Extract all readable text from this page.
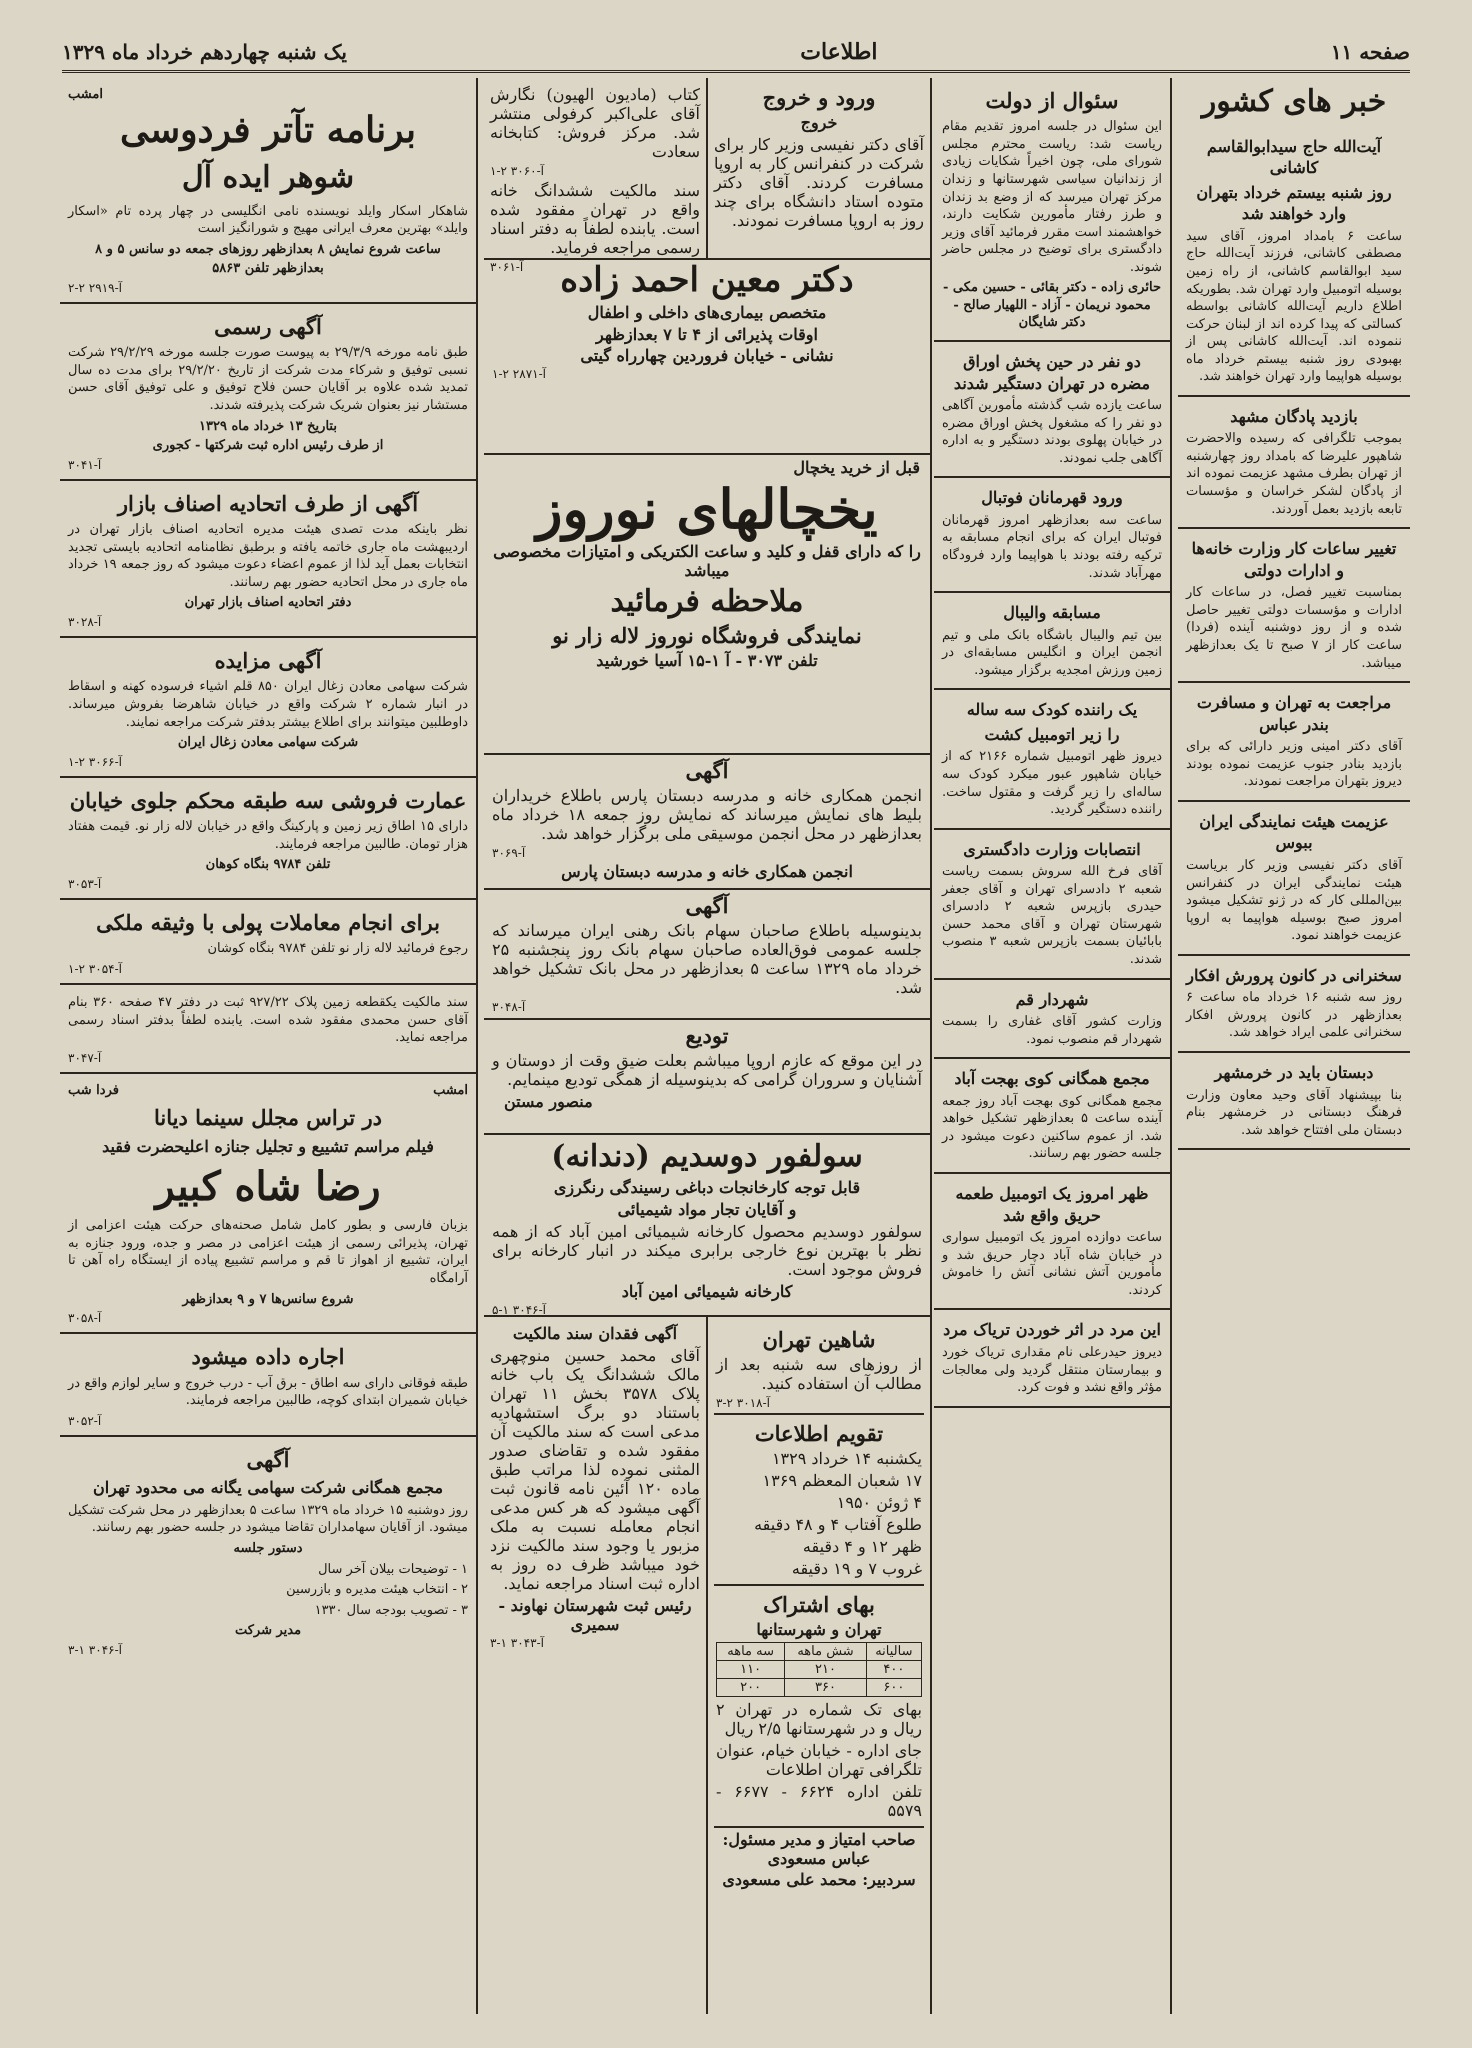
صفحه ۱۱
اطلاعات
یک شنبه چهاردهم خرداد ماه ۱۳۲۹
خبر های کشور
آیت‌الله حاج سیدابوالقاسم کاشانی
روز شنبه بیستم خرداد بتهران وارد خواهند شد
ساعت ۶ بامداد امروز، آقای سید مصطفی کاشانی، فرزند آیت‌الله حاج سید ابوالقاسم کاشانی، از راه زمین بوسیله اتومبیل وارد تهران شد. بطوریکه اطلاع داریم آیت‌الله کاشانی بواسطه کسالتی که پیدا کرده اند از لبنان حرکت ننموده اند. آیت‌الله کاشانی پس از بهبودی روز شنبه بیستم خرداد ماه بوسیله هواپیما وارد تهران خواهند شد.
بازدید پادگان مشهد
بموجب تلگرافی که رسیده والاحضرت شاهپور علیرضا که بامداد روز چهارشنبه از تهران بطرف مشهد عزیمت نموده اند از پادگان لشکر خراسان و مؤسسات تابعه بازدید بعمل آوردند.
تغییر ساعات کار وزارت خانه‌ها و ادارات دولتی
بمناسبت تغییر فصل، در ساعات کار ادارات و مؤسسات دولتی تغییر حاصل شده و از روز دوشنبه آینده (فردا) ساعت کار از ۷ صبح تا یک بعدازظهر میباشد.
مراجعت به تهران و مسافرت بندر عباس
آقای دکتر امینی وزیر دارائی که برای بازدید بنادر جنوب عزیمت نموده بودند دیروز بتهران مراجعت نمودند.
عزیمت هیئت نمایندگی ایران ببوس
آقای دکتر نفیسی وزیر کار بریاست هیئت نمایندگی ایران در کنفرانس بین‌المللی کار که در ژنو تشکیل میشود امروز صبح بوسیله هواپیما به اروپا عزیمت خواهند نمود.
سخنرانی در کانون پرورش افکار
روز سه شنبه ۱۶ خرداد ماه ساعت ۶ بعدازظهر در کانون پرورش افکار سخنرانی علمی ایراد خواهد شد.
دبستان باید در خرمشهر
بنا بپیشنهاد آقای وحید معاون وزارت فرهنگ دبستانی در خرمشهر بنام دبستان ملی افتتاح خواهد شد.
سئوال از دولت
این سئوال در جلسه امروز تقدیم مقام ریاست شد: ریاست محترم مجلس شورای ملی، چون اخیراً شکایات زیادی از زندانیان سیاسی شهرستانها و زندان مرکز تهران میرسد که از وضع بد زندان و طرز رفتار مأمورین شکایت دارند، خواهشمند است مقرر فرمائید آقای وزیر دادگستری برای توضیح در مجلس حاضر شوند.
حائری زاده - دکتر بقائی - حسین مکی - محمود نریمان - آزاد - اللهیار صالح - دکتر شایگان
دو نفر در حین پخش اوراق مضره در تهران دستگیر شدند
ساعت یازده شب گذشته مأمورین آگاهی دو نفر را که مشغول پخش اوراق مضره در خیابان پهلوی بودند دستگیر و به اداره آگاهی جلب نمودند.
ورود قهرمانان فوتبال
ساعت سه بعدازظهر امروز قهرمانان فوتبال ایران که برای انجام مسابقه به ترکیه رفته بودند با هواپیما وارد فرودگاه مهرآباد شدند.
مسابقه والیبال
بین تیم والیبال باشگاه بانک ملی و تیم انجمن ایران و انگلیس مسابقه‌ای در زمین ورزش امجدیه برگزار میشود.
یک راننده کودک سه ساله
را زیر اتومبیل کشت
دیروز ظهر اتومبیل شماره ۲۱۶۶ که از خیابان شاهپور عبور میکرد کودک سه ساله‌ای را زیر گرفت و مقتول ساخت. راننده دستگیر گردید.
انتصابات وزارت دادگستری
آقای فرخ الله سروش بسمت ریاست شعبه ۲ دادسرای تهران و آقای جعفر حیدری بازپرس شعبه ۲ دادسرای شهرستان تهران و آقای محمد حسن بابائیان بسمت بازپرس شعبه ۳ منصوب شدند.
شهردار قم
وزارت کشور آقای غفاری را بسمت شهردار قم منصوب نمود.
مجمع همگانی کوی بهجت آباد
مجمع همگانی کوی بهجت آباد روز جمعه آینده ساعت ۵ بعدازظهر تشکیل خواهد شد. از عموم ساکنین دعوت میشود در جلسه حضور بهم رسانند.
ظهر امروز یک اتومبیل طعمه حریق واقع شد
ساعت دوازده امروز یک اتومبیل سواری در خیابان شاه آباد دچار حریق شد و مأمورین آتش نشانی آتش را خاموش کردند.
این مرد در اثر خوردن تریاک مرد
دیروز حیدرعلی نام مقداری تریاک خورد و بیمارستان منتقل گردید ولی معالجات مؤثر واقع نشد و فوت کرد.
ورود و خروج
خروج
آقای دکتر نفیسی وزیر کار برای شرکت در کنفرانس کار به اروپا مسافرت کردند. آقای دکتر متوده استاد دانشگاه برای چند روز به اروپا مسافرت نمودند.
کتاب (مادیون الهیون) نگارش آقای علی‌اکبر کرفولی منتشر شد. مرکز فروش: کتابخانه سعادت
آ-۳۰۶۰ ۲-۱
سند مالکیت ششدانگ خانه واقع در تهران مفقود شده است. یابنده لطفاً به دفتر اسناد رسمی مراجعه فرماید.
آ-۳۰۶۱	دکتر معین احمد زاده
متخصص بیماری‌های داخلی و اطفال
اوقات پذیرائی از ۴ تا ۷ بعدازظهر
نشانی - خیابان فروردین چهارراه گیتی
آ-۲۸۷۱ ۲-۱
قبل از خرید یخچال
یخچالهای نوروز
را که دارای قفل و کلید و ساعت الکتریکی و امتیازات مخصوصی میباشد
ملاحظه فرمائید
نمایندگی فروشگاه نوروز لاله زار نو
تلفن ۳۰۷۳ - آ ۱-۱۵ آسیا خورشید
آگهی
انجمن همکاری خانه و مدرسه دبستان پارس باطلاع خریداران بلیط های نمایش میرساند که نمایش روز جمعه ۱۸ خرداد ماه بعدازظهر در محل انجمن موسیقی ملی برگزار خواهد شد.
آ-۳۰۶۹
انجمن همکاری خانه و مدرسه دبستان پارس
آگهی
بدینوسیله باطلاع صاحبان سهام بانک رهنی ایران میرساند که جلسه عمومی فوق‌العاده صاحبان سهام بانک روز پنجشنبه ۲۵ خرداد ماه ۱۳۲۹ ساعت ۵ بعدازظهر در محل بانک تشکیل خواهد شد.
آ-۳۰۴۸
تودیع
در این موقع که عازم اروپا میباشم بعلت ضیق وقت از دوستان و آشنایان و سروران گرامی که بدینوسیله از همگی تودیع مینمایم.
منصور مستن
سولفور دوسدیم (دندانه)
قابل توجه کارخانجات دباغی رسیندگی رنگرزی
و آقایان تجار مواد شیمیائی
سولفور دوسدیم محصول کارخانه شیمیائی امین آباد که از همه نظر با بهترین نوع خارجی برابری میکند در انبار کارخانه برای فروش موجود است.
کارخانه شیمیائی امین آباد
آ-۳۰۴۶ ۱-۵
شاهین تهران
از روزهای سه شنبه بعد از مطالب آن استفاده کنید.
آ-۳۰۱۸ ۲-۳
تقویم اطلاعات
یکشنبه ۱۴ خرداد ۱۳۲۹
۱۷ شعبان المعظم ۱۳۶۹
۴ ژوئن ۱۹۵۰
طلوع آفتاب ۴ و ۴۸ دقیقه
ظهر ۱۲ و ۴ دقیقه
غروب ۷ و ۱۹ دقیقه
بهای اشتراک
تهران و شهرستانها
سالیانه	شش ماهه	سه ماهه
۴۰۰	۲۱۰	۱۱۰
۶۰۰	۳۶۰	۲۰۰
بهای تک شماره در تهران ۲ ریال و در شهرستانها ۲/۵ ریال
جای اداره - خیابان خیام، عنوان تلگرافی تهران اطلاعات
تلفن اداره ۶۶۲۴ - ۶۶۷۷ - ۵۵۷۹
صاحب امتیاز و مدیر مسئول: عباس مسعودی
سردبیر: محمد علی مسعودی
آگهی فقدان سند مالکیت
آقای محمد حسین منوچهری مالک ششدانگ یک باب خانه پلاک ۳۵۷۸ بخش ۱۱ تهران باستناد دو برگ استشهادیه مدعی است که سند مالکیت آن مفقود شده و تقاضای صدور المثنی نموده لذا مراتب طبق ماده ۱۲۰ آئین نامه قانون ثبت آگهی میشود که هر کس مدعی انجام معامله نسبت به ملک مزبور یا وجود سند مالکیت نزد خود میباشد ظرف ده روز به اداره ثبت اسناد مراجعه نماید.
رئیس ثبت شهرستان نهاوند - سمیری
آ-۳۰۴۳ ۱-۳
امشب
برنامه تآتر فردوسی
شوهر ایده آل
شاهکار اسکار وایلد نویسنده نامی انگلیسی در چهار پرده تام «اسکار وایلد» بهترین معرف ایرانی مهیج و شورانگیز است
ساعت شروع نمایش ۸ بعدازظهر روزهای جمعه دو سانس ۵ و ۸
بعدازظهر تلفن ۵۸۶۳
آ-۲۹۱۹ ۲-۲
آگهی رسمی
طبق نامه مورخه ۲۹/۳/۹ به پیوست صورت جلسه مورخه ۲۹/۲/۲۹ شرکت نسبی توفیق و شرکاء مدت شرکت از تاریخ ۲۹/۲/۲۰ برای مدت ده سال تمدید شده علاوه بر آقایان حسن فلاح توفیق و علی توفیق آقای حسن مستشار نیز بعنوان شریک شرکت پذیرفته شدند.
بتاریخ ۱۳ خرداد ماه ۱۳۲۹
از طرف رئیس اداره ثبت شرکتها - کجوری
آ-۳۰۴۱
آگهی از طرف اتحادیه اصناف بازار
نظر باینکه مدت تصدی هیئت مدیره اتحادیه اصناف بازار تهران در اردیبهشت ماه جاری خاتمه یافته و برطبق نظامنامه اتحادیه بایستی تجدید انتخابات بعمل آید لذا از عموم اعضاء دعوت میشود که روز جمعه ۱۹ خرداد ماه جاری در محل اتحادیه حضور بهم رسانند.
دفتر اتحادیه اصناف بازار تهران
آ-۳۰۲۸
آگهی مزایده
شرکت سهامی معادن زغال ایران ۸۵۰ قلم اشیاء فرسوده کهنه و اسقاط در انبار شماره ۲ شرکت واقع در خیابان شاهرضا بفروش میرساند. داوطلبین میتوانند برای اطلاع بیشتر بدفتر شرکت مراجعه نمایند.
شرکت سهامی معادن زغال ایران
آ-۳۰۶۶ ۲-۱
عمارت فروشی سه طبقه محکم جلوی خیابان
دارای ۱۵ اطاق زیر زمین و پارکینگ واقع در خیابان لاله زار نو. قیمت هفتاد هزار تومان. طالبین مراجعه فرمایند.
تلفن ۹۷۸۴ بنگاه کوهان
آ-۳۰۵۳
برای انجام معاملات پولی با وثیقه ملکی
رجوع فرمائید لاله زار نو تلفن ۹۷۸۴ بنگاه کوشان
آ-۳۰۵۴ ۲-۱
سند مالکیت یکقطعه زمین پلاک ۹۲۷/۲۲ ثبت در دفتر ۴۷ صفحه ۳۶۰ بنام آقای حسن محمدی مفقود شده است. یابنده لطفاً بدفتر اسناد رسمی مراجعه نماید.
آ-۳۰۴۷
امشب
فردا شب
در تراس مجلل سینما دیانا
فیلم مراسم تشییع و تجلیل جنازه اعلیحضرت فقید
رضا شاه کبیر
بزبان فارسی و بطور کامل شامل صحنه‌های حرکت هیئت اعزامی از تهران، پذیرائی رسمی از هیئت اعزامی در مصر و جده، ورود جنازه به ایران، تشییع از اهواز تا قم و مراسم تشییع پیاده از ایستگاه راه آهن تا آرامگاه
شروع سانس‌ها ۷ و ۹ بعدازظهر
آ-۳۰۵۸
اجاره داده میشود
طبقه فوقانی دارای سه اطاق - برق آب - درب خروج و سایر لوازم واقع در خیابان شمیران ابتدای کوچه، طالبین مراجعه فرمایند.
آ-۳۰۵۲
آگهی
مجمع همگانی شرکت سهامی یگانه می محدود تهران
روز دوشنبه ۱۵ خرداد ماه ۱۳۲۹ ساعت ۵ بعدازظهر در محل شرکت تشکیل میشود. از آقایان سهامداران تقاضا میشود در جلسه حضور بهم رسانند.
دستور جلسه
۱ - توضیحات بیلان آخر سال
۲ - انتخاب هیئت مدیره و بازرسین
۳ - تصویب بودجه سال ۱۳۳۰
مدیر شرکت
آ-۳۰۴۶ ۱-۳
